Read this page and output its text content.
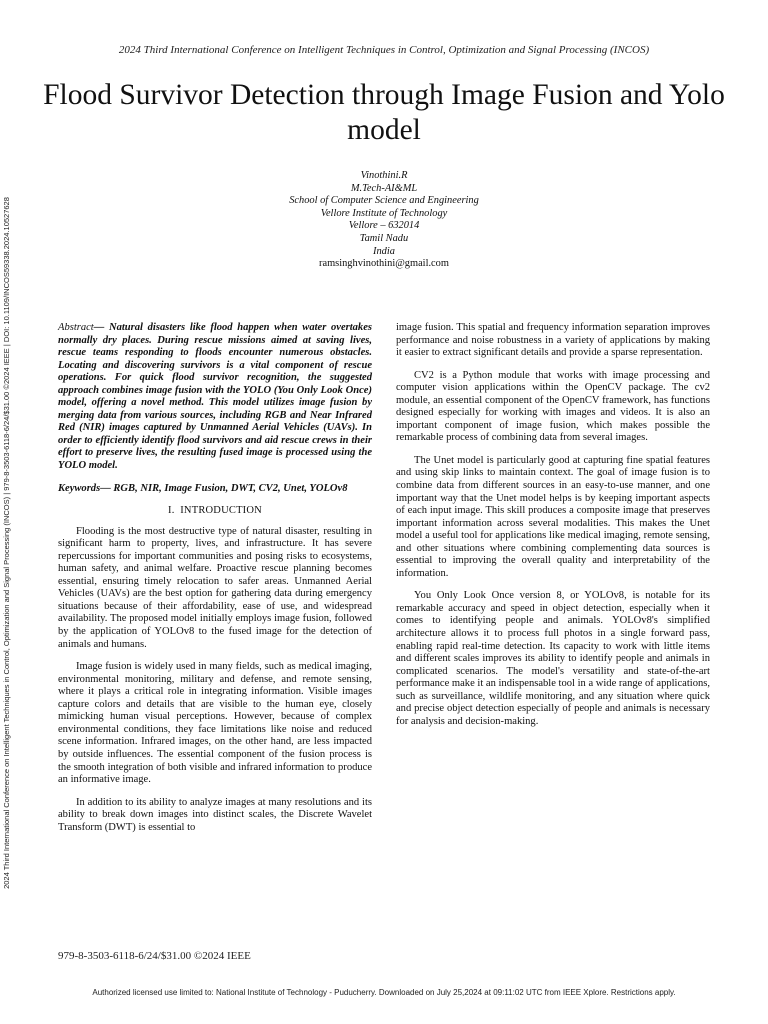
2024 Third International Conference on Intelligent Techniques in Control, Optimization and Signal Processing (INCOS)
Flood Survivor Detection through Image Fusion and Yolo model
Vinothini.R
M.Tech-AI&ML
School of Computer Science and Engineering
Vellore Institute of Technology
Vellore – 632014
Tamil Nadu
India
ramsinghvinothini@gmail.com
2024 Third International Conference on Intelligent Techniques in Control, Optimization and Signal Processing (INCOS) | 979-8-3503-6118-6/24/$31.00 ©2024 IEEE | DOI: 10.1109/INCOS59338.2024.10527628	Abstract— Natural disasters like flood happen when water overtakes normally dry places. During rescue missions aimed at saving lives, rescue teams responding to floods encounter numerous obstacles. Locating and discovering survivors is a vital component of rescue operations. For quick flood survivor recognition, the suggested approach combines image fusion with the YOLO (You Only Look Once) model, offering a novel method. This model utilizes image fusion by merging data from various sources, including RGB and Near Infrared Red (NIR) images captured by Unmanned Aerial Vehicles (UAVs). In order to efficiently identify flood survivors and aid rescue crews in their effort to preserve lives, the resulting fused image is processed using the YOLO model.

Keywords— RGB, NIR, Image Fusion, DWT, CV2, Unet, YOLOv8

I. INTRODUCTION

Flooding is the most destructive type of natural disaster, resulting in significant harm to property, lives, and infrastructure. It has severe repercussions for important communities and posing risks to ecosystems, human safety, and animal welfare. Proactive rescue planning becomes essential, ensuring timely relocation to safer areas. Unmanned Aerial Vehicles (UAVs) are the best option for gathering data during emergency situations because of their affordability, ease of use, and widespread availability. The proposed model initially employs image fusion, followed by the application of YOLOv8 to the fused image for the detection of animals and humans.

Image fusion is widely used in many fields, such as medical imaging, environmental monitoring, military and defense, and remote sensing, where it plays a critical role in integrating information. Visible images capture colors and details that are visible to the human eye, closely mimicking human visual perceptions. However, because of complex environmental conditions, they face limitations like noise and reduced scene information. Infrared images, on the other hand, are less impacted by outside influences. The essential component of the fusion process is the smooth integration of both visible and infrared information to produce an informative image.

In addition to its ability to analyze images at many resolutions and its ability to break down images into distinct scales, the Discrete Wavelet Transform (DWT) is essential to

image fusion. This spatial and frequency information separation improves performance and noise robustness in a variety of applications by making it easier to extract significant details and provide a sparse representation.

CV2 is a Python module that works with image processing and computer vision applications within the OpenCV package. The cv2 module, an essential component of the OpenCV framework, has functions designed especially for working with images and videos. It is also an important component of image fusion, which makes possible the remarkable process of combining data from several images.

The Unet model is particularly good at capturing fine spatial features and using skip links to maintain context. The goal of image fusion is to combine data from different sources in an easy-to-use manner, and one important way that the Unet model helps is by keeping important aspects of each input image. This skill produces a composite image that preserves important information across several modalities. This makes the Unet model a useful tool for applications like medical imaging, remote sensing, and other situations where combining complementing data sources is essential to improving the overall quality and interpretability of the information.

You Only Look Once version 8, or YOLOv8, is notable for its remarkable accuracy and speed in object detection, especially when it comes to identifying people and animals. YOLOv8's simplified architecture allows it to process full photos in a single forward pass, enabling rapid real-time detection. Its capacity to work with little items and different scales improves its ability to identify people and animals in complicated scenarios. The model's versatility and state-of-the-art performance make it an indispensable tool in a wide range of applications, such as surveillance, wildlife monitoring, and any situation where quick and precise object detection especially of people and animals is necessary for analysis and decision-making.

979-8-3503-6118-6/24/$31.00 ©2024 IEEE
Authorized licensed use limited to: National Institute of Technology - Puducherry. Downloaded on July 25,2024 at 09:11:02 UTC from IEEE Xplore. Restrictions apply.
